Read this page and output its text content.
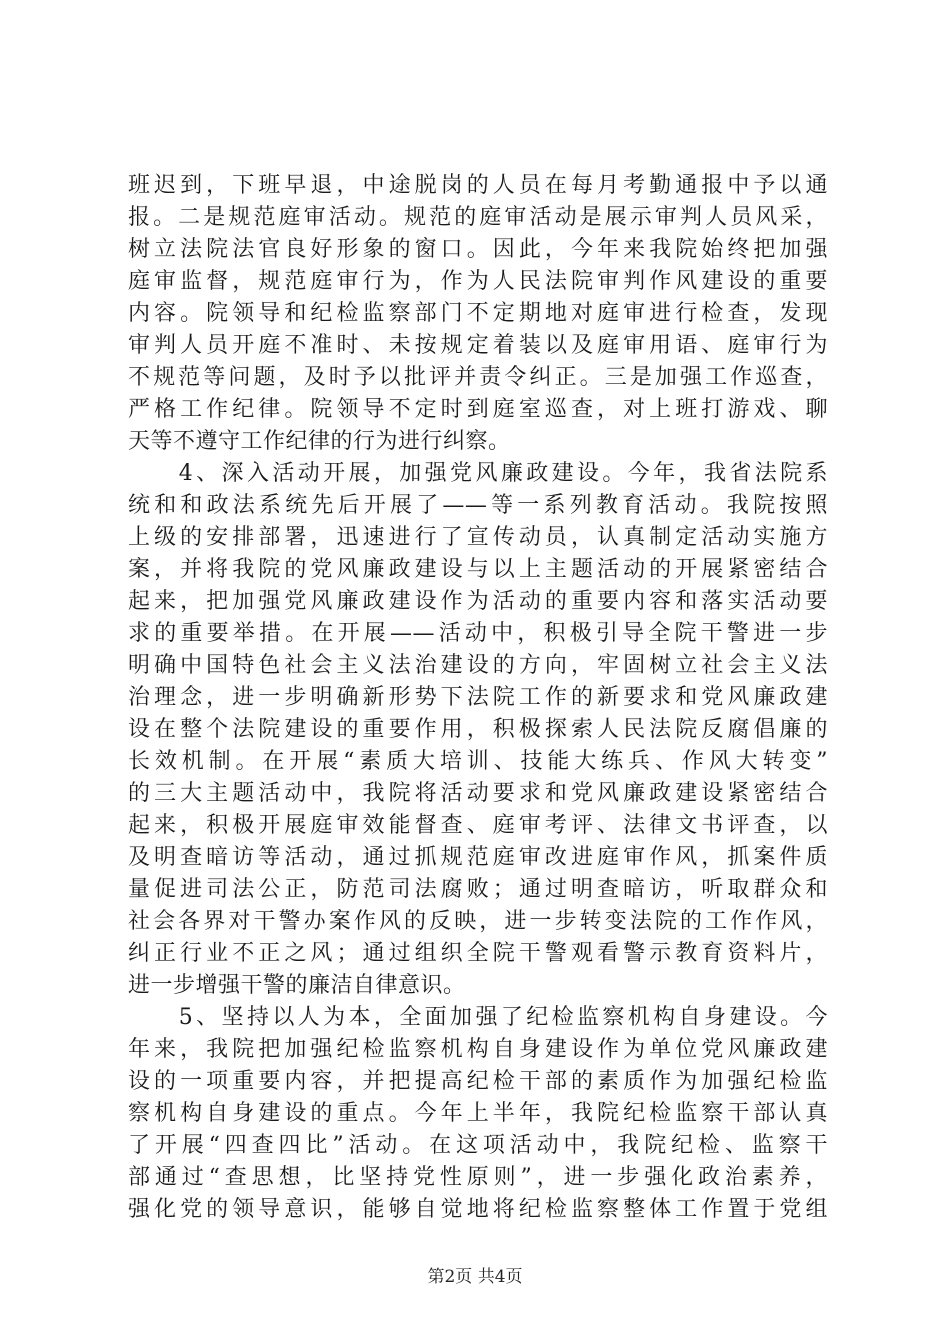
班迟到，下班早退，中途脱岗的人员在每月考勤通报中予以通
报。二是规范庭审活动。规范的庭审活动是展示审判人员风采，
树立法院法官良好形象的窗口。因此，今年来我院始终把加强
庭审监督，规范庭审行为，作为人民法院审判作风建设的重要
内容。院领导和纪检监察部门不定期地对庭审进行检查，发现
审判人员开庭不准时、未按规定着装以及庭审用语、庭审行为
不规范等问题，及时予以批评并责令纠正。三是加强工作巡查，
严格工作纪律。院领导不定时到庭室巡查，对上班打游戏、聊
天等不遵守工作纪律的行为进行纠察。
　　4、深入活动开展，加强党风廉政建设。今年，我省法院系
统和和政法系统先后开展了——等一系列教育活动。我院按照
上级的安排部署，迅速进行了宣传动员，认真制定活动实施方
案，并将我院的党风廉政建设与以上主题活动的开展紧密结合
起来，把加强党风廉政建设作为活动的重要内容和落实活动要
求的重要举措。在开展——活动中，积极引导全院干警进一步
明确中国特色社会主义法治建设的方向，牢固树立社会主义法
治理念，进一步明确新形势下法院工作的新要求和党风廉政建
设在整个法院建设的重要作用，积极探索人民法院反腐倡廉的
长效机制。在开展“素质大培训、技能大练兵、作风大转变”
的三大主题活动中，我院将活动要求和党风廉政建设紧密结合
起来，积极开展庭审效能督查、庭审考评、法律文书评查，以
及明查暗访等活动，通过抓规范庭审改进庭审作风，抓案件质
量促进司法公正，防范司法腐败；通过明查暗访，听取群众和
社会各界对干警办案作风的反映，进一步转变法院的工作作风，
纠正行业不正之风；通过组织全院干警观看警示教育资料片，
进一步增强干警的廉洁自律意识。
　　5、坚持以人为本，全面加强了纪检监察机构自身建设。今
年来，我院把加强纪检监察机构自身建设作为单位党风廉政建
设的一项重要内容，并把提高纪检干部的素质作为加强纪检监
察机构自身建设的重点。今年上半年，我院纪检监察干部认真
了开展“四查四比”活动。在这项活动中，我院纪检、监察干
部通过“查思想，比坚持党性原则”，进一步强化政治素养，
强化党的领导意识，能够自觉地将纪检监察整体工作置于党组
第2页 共4页
